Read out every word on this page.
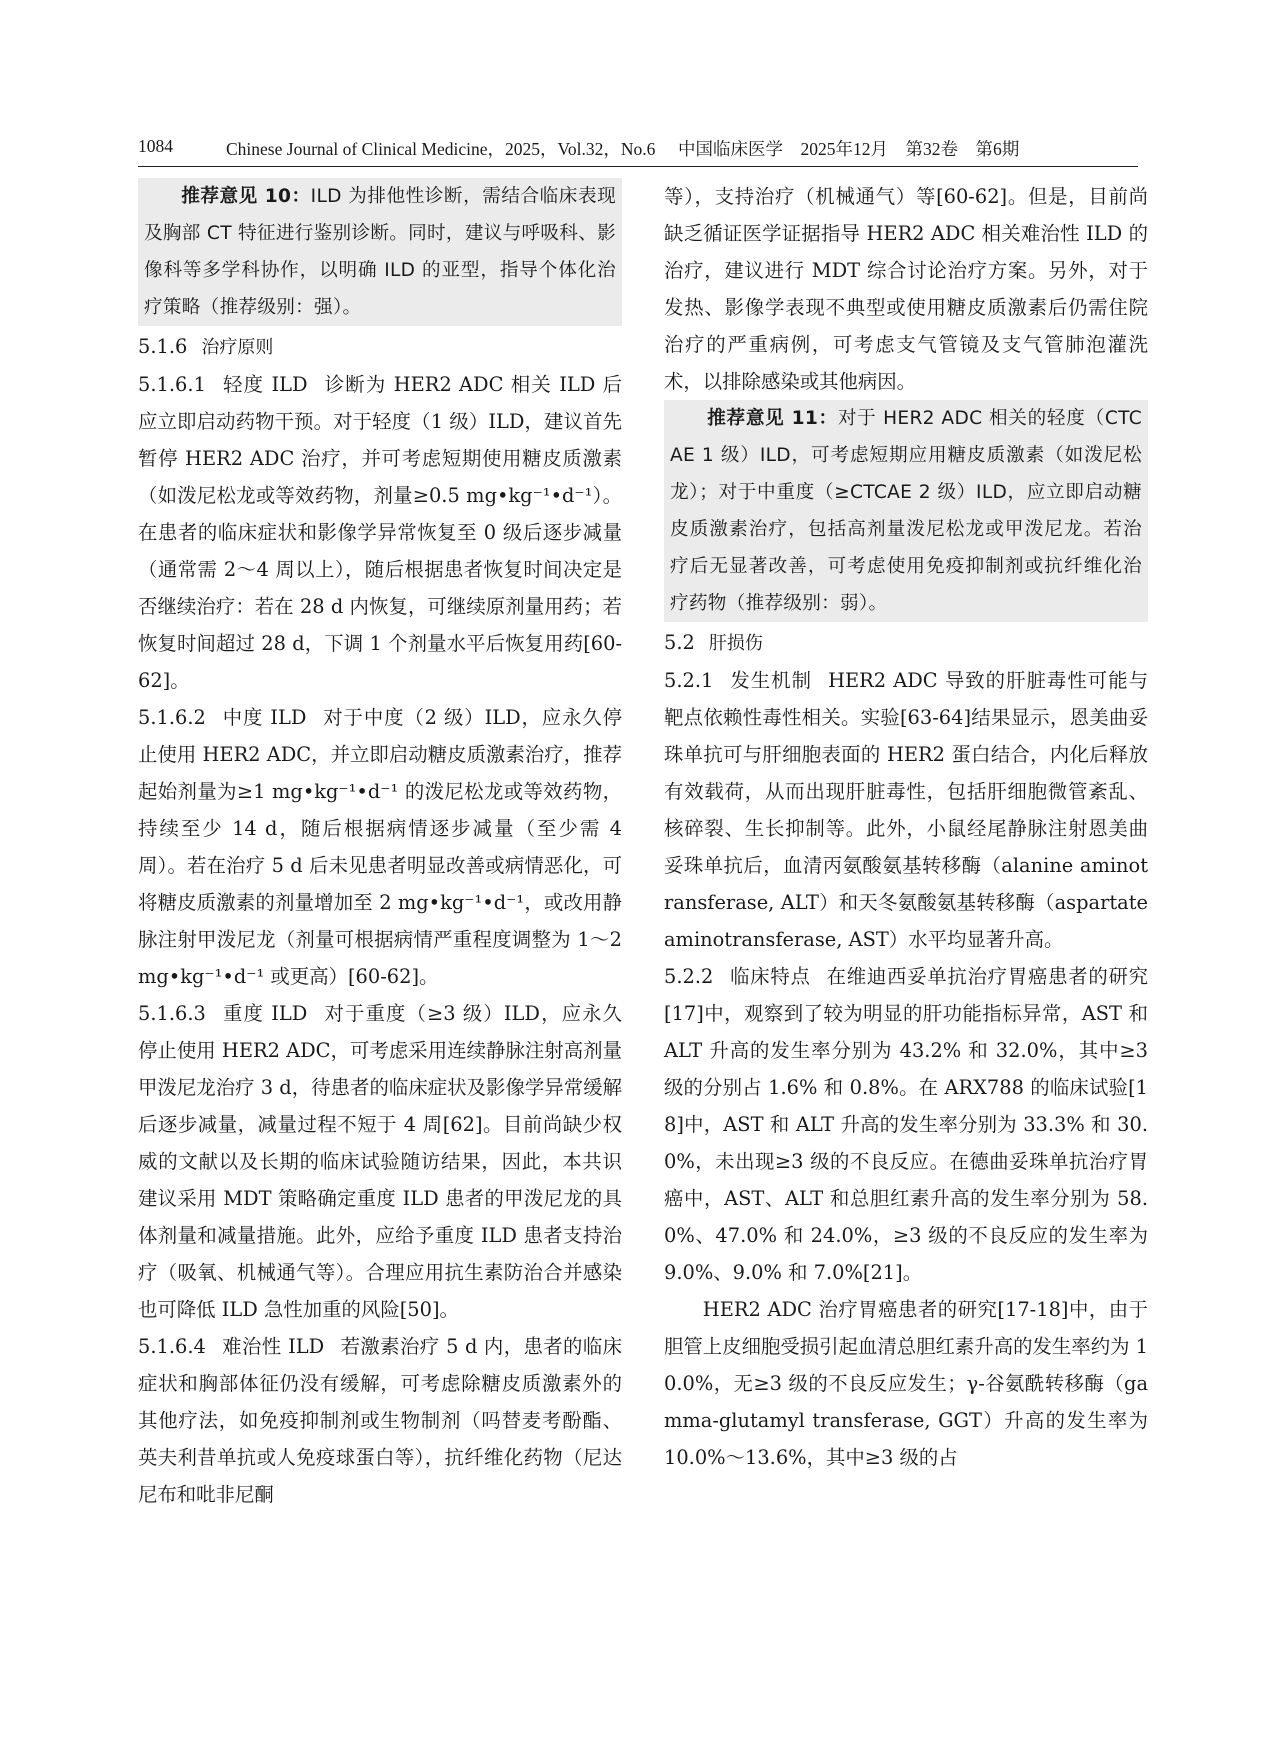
1084	Chinese Journal of Clinical Medicine，2025，Vol.32，No.6 中国临床医学　2025年12月　第32卷　第6期

推荐意见 10：ILD 为排他性诊断，需结合临床表现及胸部 CT 特征进行鉴别诊断。同时，建议与呼吸科、影像科等多学科协作，以明确 ILD 的亚型，指导个体化治疗策略（推荐级别：强）。

5.1.6 治疗原则

5.1.6.1 轻度 ILD 诊断为 HER2 ADC 相关 ILD 后应立即启动药物干预。对于轻度（1 级）ILD，建议首先暂停 HER2 ADC 治疗，并可考虑短期使用糖皮质激素（如泼尼松龙或等效药物，剂量≥0.5 mg•kg⁻¹•d⁻¹）。在患者的临床症状和影像学异常恢复至 0 级后逐步减量（通常需 2～4 周以上），随后根据患者恢复时间决定是否继续治疗：若在 28 d 内恢复，可继续原剂量用药；若恢复时间超过 28 d，下调 1 个剂量水平后恢复用药[60-62]。

5.1.6.2 中度 ILD 对于中度（2 级）ILD，应永久停止使用 HER2 ADC，并立即启动糖皮质激素治疗，推荐起始剂量为≥1 mg•kg⁻¹•d⁻¹ 的泼尼松龙或等效药物，持续至少 14 d，随后根据病情逐步减量（至少需 4 周）。若在治疗 5 d 后未见患者明显改善或病情恶化，可将糖皮质激素的剂量增加至 2 mg•kg⁻¹•d⁻¹，或改用静脉注射甲泼尼龙（剂量可根据病情严重程度调整为 1～2 mg•kg⁻¹•d⁻¹ 或更高）[60-62]。

5.1.6.3 重度 ILD 对于重度（≥3 级）ILD，应永久停止使用 HER2 ADC，可考虑采用连续静脉注射高剂量甲泼尼龙治疗 3 d，待患者的临床症状及影像学异常缓解后逐步减量，减量过程不短于 4 周[62]。目前尚缺少权威的文献以及长期的临床试验随访结果，因此，本共识建议采用 MDT 策略确定重度 ILD 患者的甲泼尼龙的具体剂量和减量措施。此外，应给予重度 ILD 患者支持治疗（吸氧、机械通气等）。合理应用抗生素防治合并感染也可降低 ILD 急性加重的风险[50]。

5.1.6.4 难治性 ILD 若激素治疗 5 d 内，患者的临床症状和胸部体征仍没有缓解，可考虑除糖皮质激素外的其他疗法，如免疫抑制剂或生物制剂（吗替麦考酚酯、英夫利昔单抗或人免疫球蛋白等），抗纤维化药物（尼达尼布和吡非尼酮

等），支持治疗（机械通气）等[60-62]。但是，目前尚缺乏循证医学证据指导 HER2 ADC 相关难治性 ILD 的治疗，建议进行 MDT 综合讨论治疗方案。另外，对于发热、影像学表现不典型或使用糖皮质激素后仍需住院治疗的严重病例，可考虑支气管镜及支气管肺泡灌洗术，以排除感染或其他病因。

推荐意见 11：对于 HER2 ADC 相关的轻度（CTCAE 1 级）ILD，可考虑短期应用糖皮质激素（如泼尼松龙）；对于中重度（≥CTCAE 2 级）ILD，应立即启动糖皮质激素治疗，包括高剂量泼尼松龙或甲泼尼龙。若治疗后无显著改善，可考虑使用免疫抑制剂或抗纤维化治疗药物（推荐级别：弱）。

5.2 肝损伤

5.2.1 发生机制 HER2 ADC 导致的肝脏毒性可能与靶点依赖性毒性相关。实验[63-64]结果显示，恩美曲妥珠单抗可与肝细胞表面的 HER2 蛋白结合，内化后释放有效载荷，从而出现肝脏毒性，包括肝细胞微管紊乱、核碎裂、生长抑制等。此外，小鼠经尾静脉注射恩美曲妥珠单抗后，血清丙氨酸氨基转移酶（alanine aminotransferase, ALT）和天冬氨酸氨基转移酶（aspartate aminotransferase, AST）水平均显著升高。

5.2.2 临床特点 在维迪西妥单抗治疗胃癌患者的研究[17]中，观察到了较为明显的肝功能指标异常，AST 和 ALT 升高的发生率分别为 43.2% 和 32.0%，其中≥3 级的分别占 1.6% 和 0.8%。在 ARX788 的临床试验[18]中，AST 和 ALT 升高的发生率分别为 33.3% 和 30.0%，未出现≥3 级的不良反应。在德曲妥珠单抗治疗胃癌中，AST、ALT 和总胆红素升高的发生率分别为 58.0%、47.0% 和 24.0%，≥3 级的不良反应的发生率为 9.0%、9.0% 和 7.0%[21]。

HER2 ADC 治疗胃癌患者的研究[17-18]中，由于胆管上皮细胞受损引起血清总胆红素升高的发生率约为 10.0%，无≥3 级的不良反应发生；γ-谷氨酰转移酶（gamma-glutamyl transferase, GGT）升高的发生率为 10.0%～13.6%，其中≥3 级的占
